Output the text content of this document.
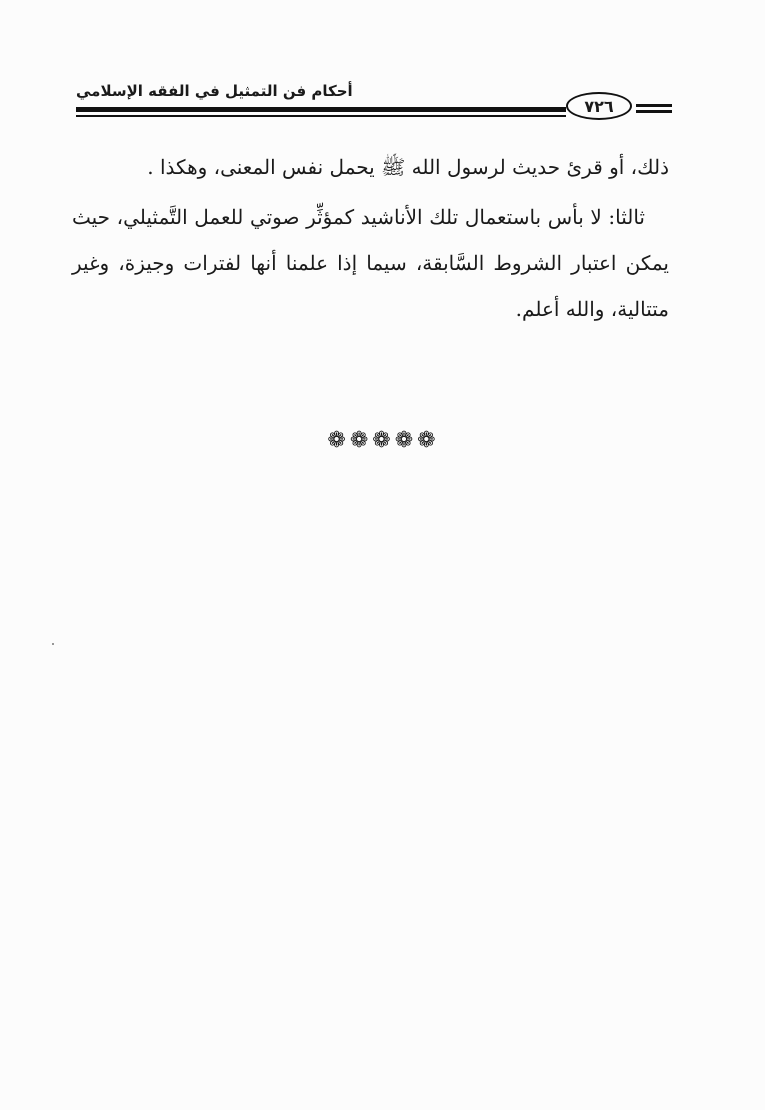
أحكام فن التمثيل في الفقه الإسلامي
٧٢٦

ذلك، أو قرئ حديث لرسول الله ﷺ يحمل نفس المعنى، وهكذا .

ثالثا: لا بأس باستعمال تلك الأناشيد كمؤثِّر صوتي للعمل التَّمثيلي، حيث يمكن اعتبار الشروط السَّابقة، سيما إذا علمنا أنها لفترات وجيزة، وغير متتالية، والله أعلم.

❁❁❁❁❁
